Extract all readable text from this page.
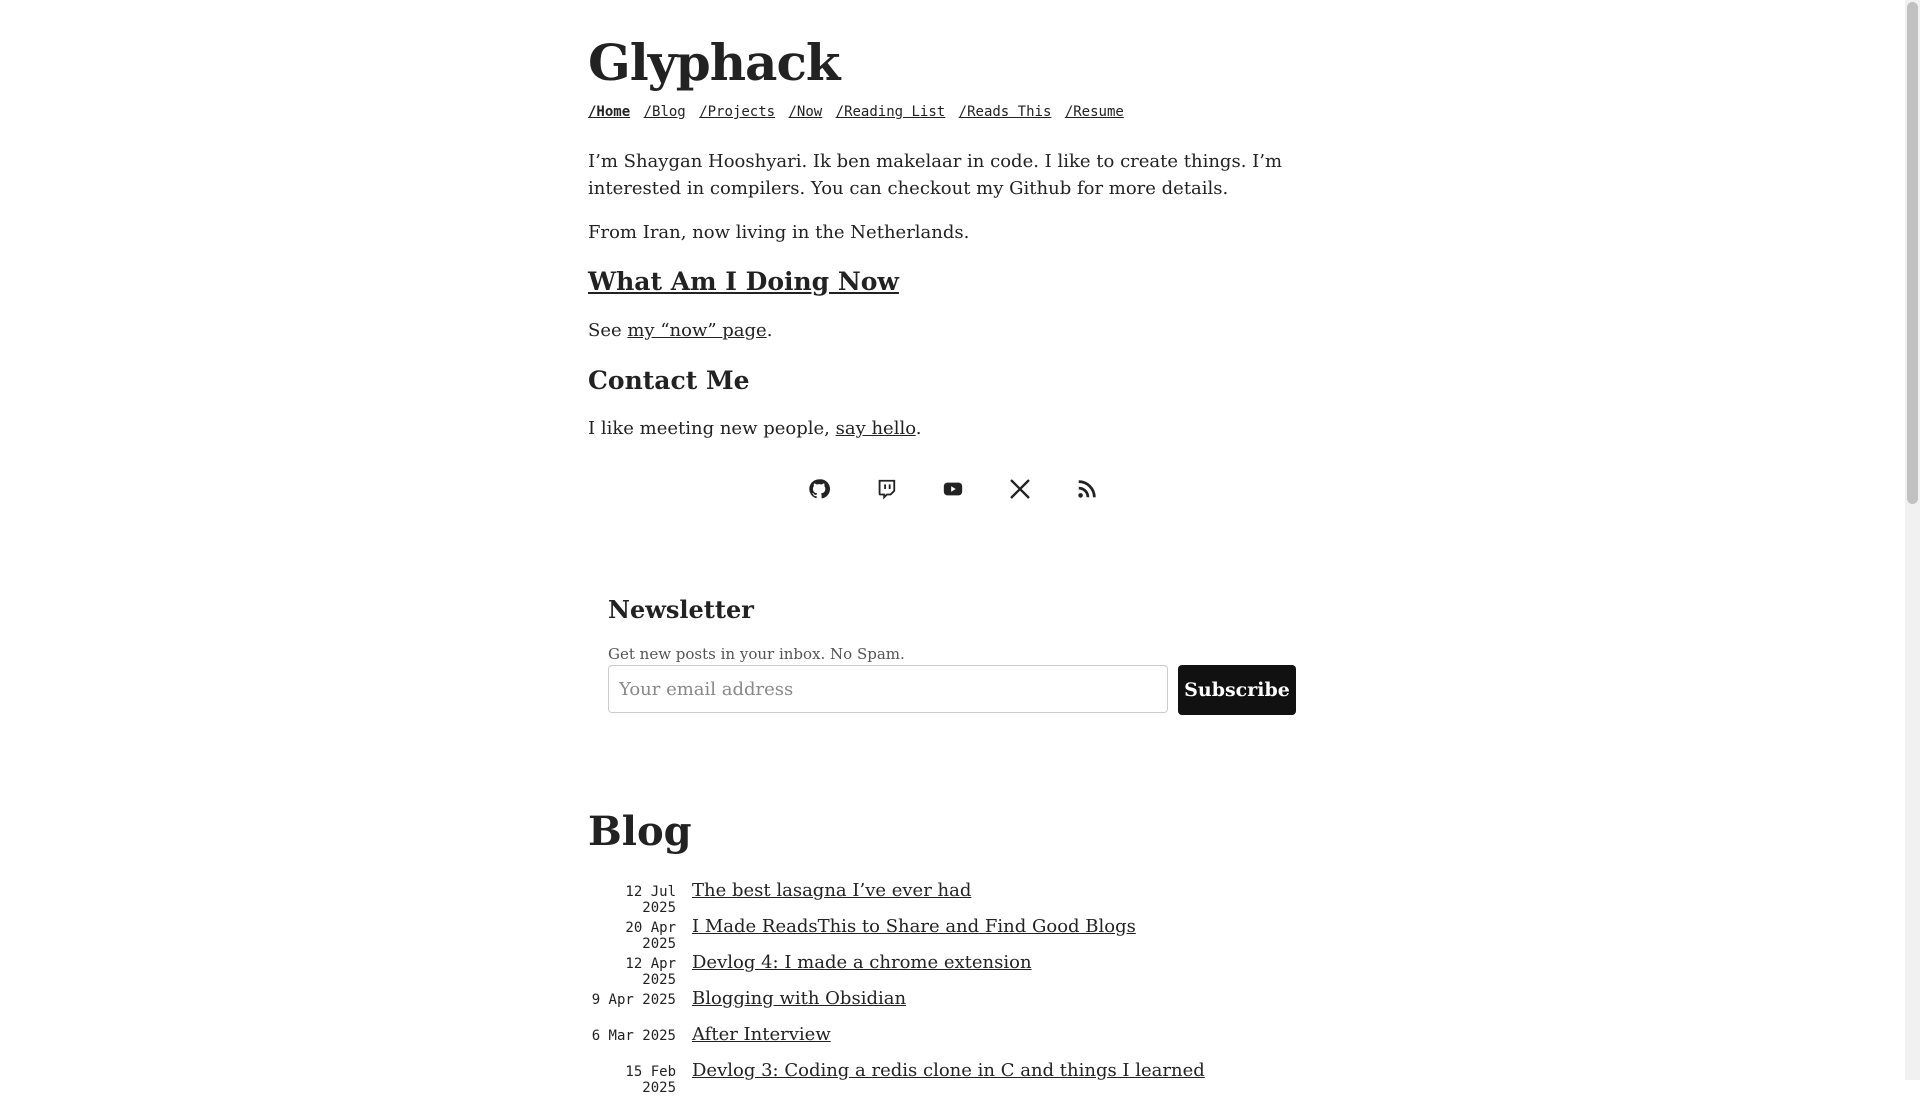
Glyphack
/Home /Blog /Projects /Now /Reading List /Reads This /Resume

I’m Shaygan Hooshyari. Ik ben makelaar in code. I like to create things. I’m interested in compilers. You can checkout my Github for more details.

From Iran, now living in the Netherlands.

What Am I Doing Now

See my “now” page.

Contact Me

I like meeting new people, say hello.

Newsletter
Get new posts in your inbox. No Spam.
Your email address
Subscribe
Blog
12 Jul 2025
The best lasagna I’ve ever had
20 Apr 2025
I Made ReadsThis to Share and Find Good Blogs
12 Apr 2025
Devlog 4: I made a chrome extension
9 Apr 2025 Blogging with Obsidian
6 Mar 2025 After Interview
15 Feb 2025
Devlog 3: Coding a redis clone in C and things I learned
